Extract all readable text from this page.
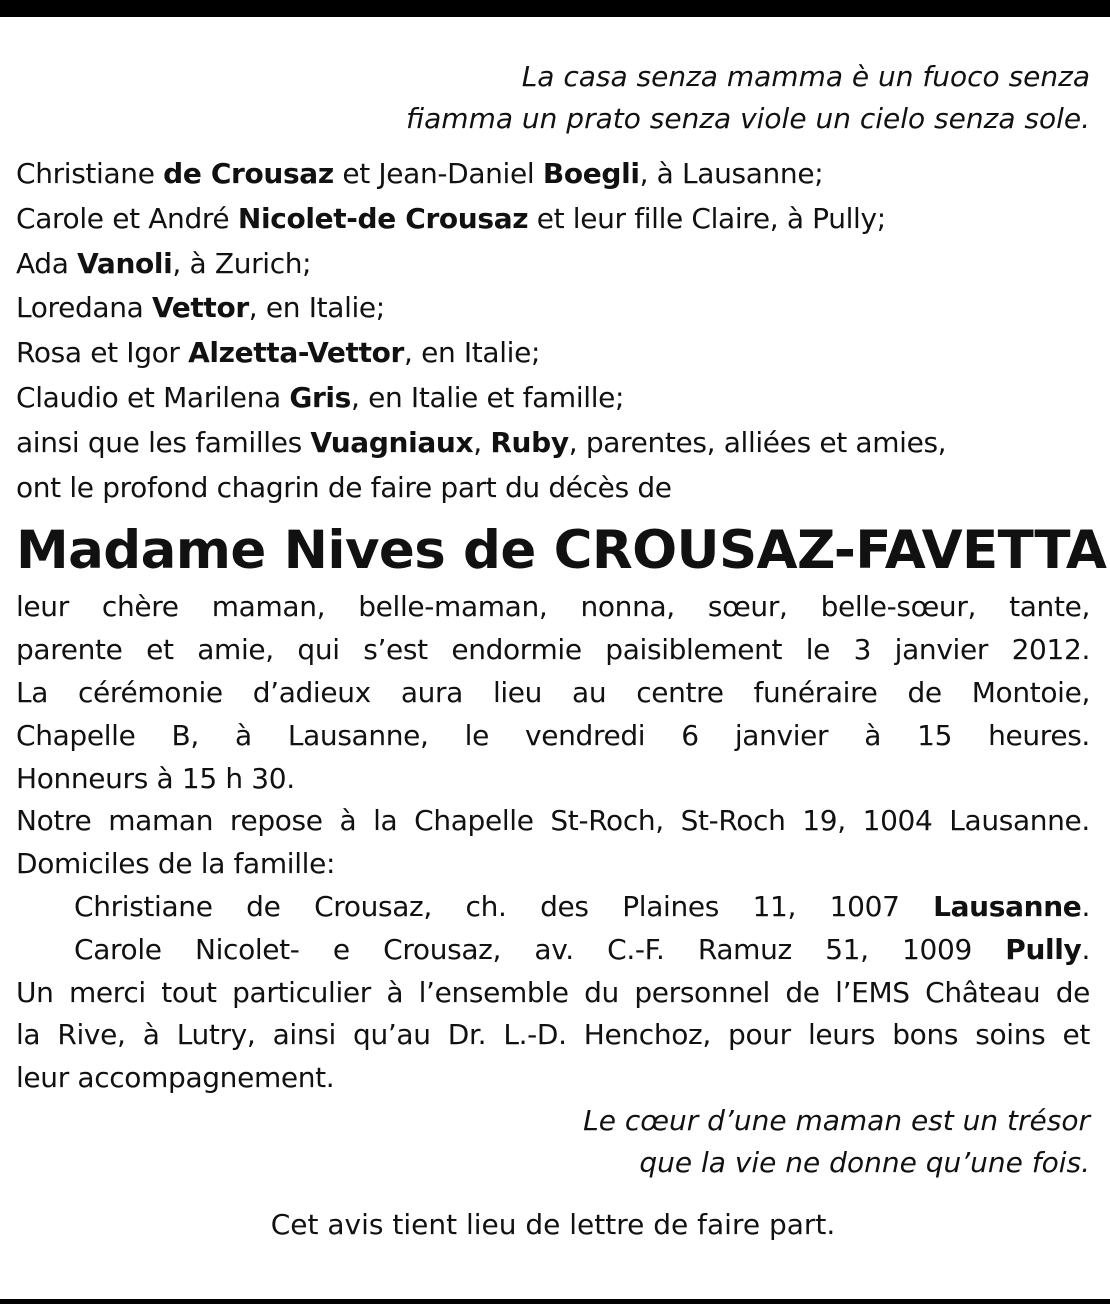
La casa senza mamma è un fuoco senza
fiamma un prato senza viole un cielo senza sole.
Christiane de Crousaz et Jean-Daniel Boegli, à Lausanne;
Carole et André Nicolet-de Crousaz et leur fille Claire, à Pully;
Ada Vanoli, à Zurich;
Loredana Vettor, en Italie;
Rosa et Igor Alzetta-Vettor, en Italie;
Claudio et Marilena Gris, en Italie et famille;
ainsi que les familles Vuagniaux, Ruby, parentes, alliées et amies,
ont le profond chagrin de faire part du décès de
Madame Nives de CROUSAZ-FAVETTA
leur chère maman, belle-maman, nonna, sœur, belle-sœur, tante,
parente et amie, qui s’est endormie paisiblement le 3 janvier 2012.
La cérémonie d’adieux aura lieu au centre funéraire de Montoie,
Chapelle B, à Lausanne, le vendredi 6 janvier à 15 heures.
Honneurs à 15 h 30.
Notre maman repose à la Chapelle St-Roch, St-Roch 19, 1004 Lausanne.
Domiciles de la famille:
Christiane de Crousaz, ch. des Plaines 11, 1007 Lausanne.
Carole Nicolet- e Crousaz, av. C.-F. Ramuz 51, 1009 Pully.
Un merci tout particulier à l’ensemble du personnel de l’EMS Château de
la Rive, à Lutry, ainsi qu’au Dr. L.-D. Henchoz, pour leurs bons soins et
leur accompagnement.
Le cœur d’une maman est un trésor
que la vie ne donne qu’une fois.
Cet avis tient lieu de lettre de faire part.
